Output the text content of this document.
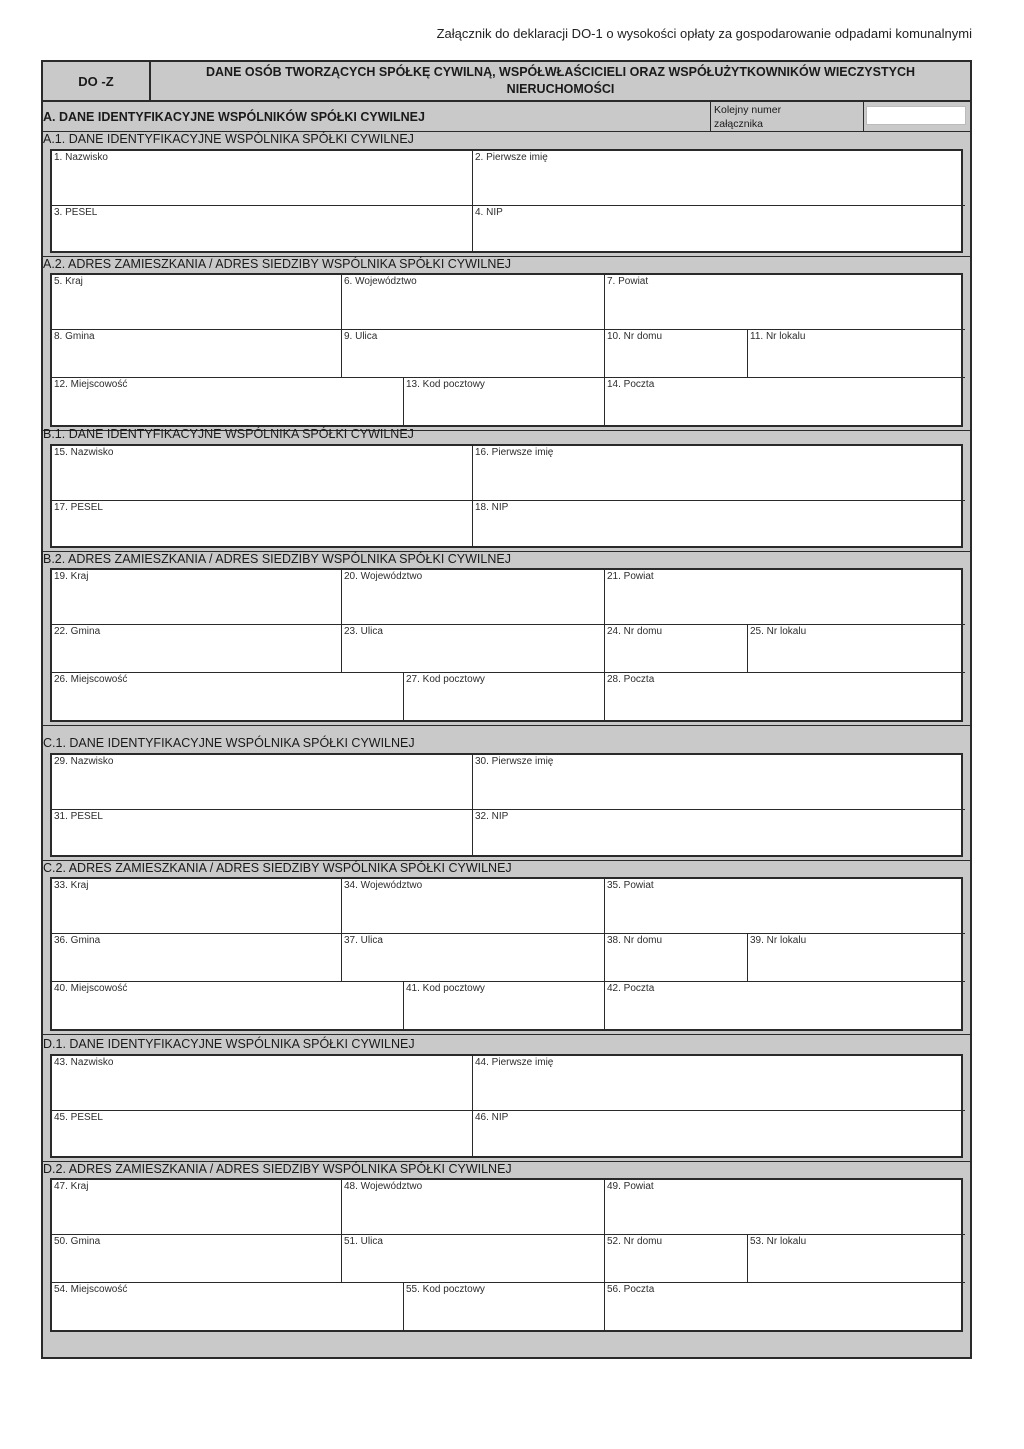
Załącznik do deklaracji DO-1 o wysokości opłaty za gospodarowanie odpadami komunalnymi
DO -Z
DANE OSÓB TWORZĄCYCH SPÓŁKĘ CYWILNĄ, WSPÓŁWŁAŚCICIELI ORAZ WSPÓŁUŻYTKOWNIKÓW WIECZYSTYCH NIERUCHOMOŚCI
A. DANE IDENTYFIKACYJNE WSPÓLNIKÓW SPÓŁKI CYWILNEJ	Kolejny numer
załącznika
A.1. DANE IDENTYFIKACYJNE WSPÓLNIKA SPÓŁKI CYWILNEJ
1. Nazwisko	2. Pierwsze imię
3. PESEL	4. NIP
A.2. ADRES ZAMIESZKANIA / ADRES SIEDZIBY WSPÓLNIKA SPÓŁKI CYWILNEJ
5. Kraj	6. Województwo	7. Powiat
8. Gmina	9. Ulica	10. Nr domu	11. Nr lokalu
12. Miejscowość	13. Kod pocztowy	14. Poczta
B.1. DANE IDENTYFIKACYJNE WSPÓLNIKA SPÓŁKI CYWILNEJ
15. Nazwisko	16. Pierwsze imię
17. PESEL	18. NIP
B.2. ADRES ZAMIESZKANIA / ADRES SIEDZIBY WSPÓLNIKA SPÓŁKI CYWILNEJ
19. Kraj	20. Województwo	21. Powiat
22. Gmina	23. Ulica	24. Nr domu	25. Nr lokalu
26. Miejscowość	27. Kod pocztowy	28. Poczta
C.1. DANE IDENTYFIKACYJNE WSPÓLNIKA SPÓŁKI CYWILNEJ
29. Nazwisko	30. Pierwsze imię
31. PESEL	32. NIP
C.2. ADRES ZAMIESZKANIA / ADRES SIEDZIBY WSPÓLNIKA SPÓŁKI CYWILNEJ
33. Kraj	34. Województwo	35. Powiat
36. Gmina	37. Ulica	38. Nr domu	39. Nr lokalu
40. Miejscowość	41. Kod pocztowy	42. Poczta
D.1. DANE IDENTYFIKACYJNE WSPÓLNIKA SPÓŁKI CYWILNEJ
43. Nazwisko	44. Pierwsze imię
45. PESEL	46. NIP
D.2. ADRES ZAMIESZKANIA / ADRES SIEDZIBY WSPÓLNIKA SPÓŁKI CYWILNEJ
47. Kraj	48. Województwo	49. Powiat
50. Gmina	51. Ulica	52. Nr domu	53. Nr lokalu
54. Miejscowość	55. Kod pocztowy	56. Poczta
